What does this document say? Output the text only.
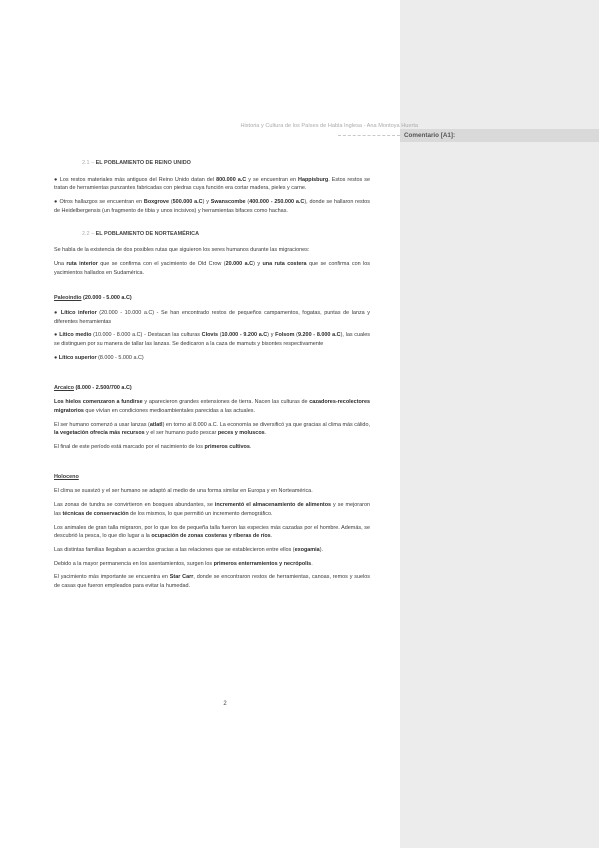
Comentario [A1]:
Historia y Cultura de los Países de Habla Inglesa - Ana Montoya Huerta

2.1 – EL POBLAMIENTO DE REINO UNIDO

● Los restos materiales más antiguos del Reino Unido datan del 800.000 a.C y se encuentran en Happisburg. Estos restos se tratan de herramientas punzantes fabricadas con piedras cuya función era cortar madera, pieles y carne.

● Otros hallazgos se encuentran en Boxgrove (500.000 a.C) y Swanscombe (400.000 - 250.000 a.C), donde se hallaron restos de Heidelbergensis (un fragmento de tibia y unos incisivos) y herramientas bifaces como hachas.

2.2 – EL POBLAMIENTO DE NORTEAMÉRICA

Se habla de la existencia de dos posibles rutas que siguieron los seres humanos durante las migraciones:

Una ruta interior que se confirma con el yacimiento de Old Crow (20.000 a.C) y una ruta costera que se confirma con los yacimientos hallados en Sudamérica.

Paleoindio (20.000 - 5.000 a.C)

● Lítico inferior (20.000 - 10.000 a.C) - Se han encontrado restos de pequeños campamentos, fogatas, puntas de lanza y diferentes herramientas

● Lítico medio (10.000 - 8.000 a.C) - Destacan las culturas Clovis (10.000 - 9.200 a.C) y Folsom (9.200 - 8.000 a.C), las cuales se distinguen por su manera de tallar las lanzas. Se dedicaron a la caza de mamuts y bisontes respectivamente

● Lítico superior (8.000 - 5.000 a.C)

Arcaico (8.000 - 2.500/700 a.C)

Los hielos comenzaron a fundirse y aparecieron grandes extensiones de tierra. Nacen las culturas de cazadores-recolectores migratorios que vivían en condiciones medioambientales parecidas a las actuales.

El ser humano comenzó a usar lanzas (atlatl) en torno al 8.000 a.C. La economía se diversificó ya que gracias al clima más cálido, la vegetación ofrecía más recursos y el ser humano pudo pescar peces y moluscos.

El final de este período está marcado por el nacimiento de los primeros cultivos.

Holoceno

El clima se suavizó y el ser humano se adaptó al medio de una forma similar en Europa y en Norteamérica.

Las zonas de tundra se convirtieron en bosques abundantes, se incrementó el almacenamiento de alimentos y se mejoraron las técnicas de conservación de los mismos, lo que permitió un incremento demográfico.

Los animales de gran talla migraron, por lo que los de pequeña talla fueron las especies más cazadas por el hombre. Además, se descubrió la pesca, lo que dio lugar a la ocupación de zonas costeras y riberas de ríos.

Las distintas familias llegaban a acuerdos gracias a las relaciones que se establecieron entre ellos (exogamia).

Debido a la mayor permanencia en los asentamientos, surgen los primeros enterramientos y necrópolis.

El yacimiento más importante se encuentra en Star Carr, donde se encontraron restos de herramientas, canoas, remos y suelos de casas que fueron empleados para evitar la humedad.

2
